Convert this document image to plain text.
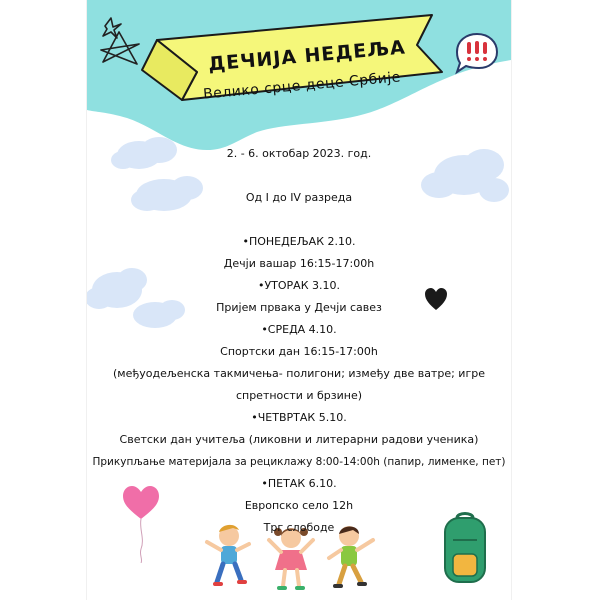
ДЕЧИЈА НЕДЕЉА
Велико срце деце Србије
2. - 6. октобар 2023. год.
Од I до IV разреда
•ПОНЕДЕЉАК 2.10.
Дечји вашар 16:15-17:00h
•УТОРАК 3.10.
Пријем првака у Дечји савез
•СРЕДА 4.10.
Спортски дан 16:15-17:00h
(међуодељенска такмичења- полигони; између две ватре; игре
спретности и брзине)
•ЧЕТВРТАК 5.10.
Светски дан учитеља (ликовни и литерарни радови ученика)
Прикупљање материјала за рециклажу 8:00-14:00h (папир, лименке, пет)
•ПЕТАК 6.10.
Европско село 12h
Трг слободе
